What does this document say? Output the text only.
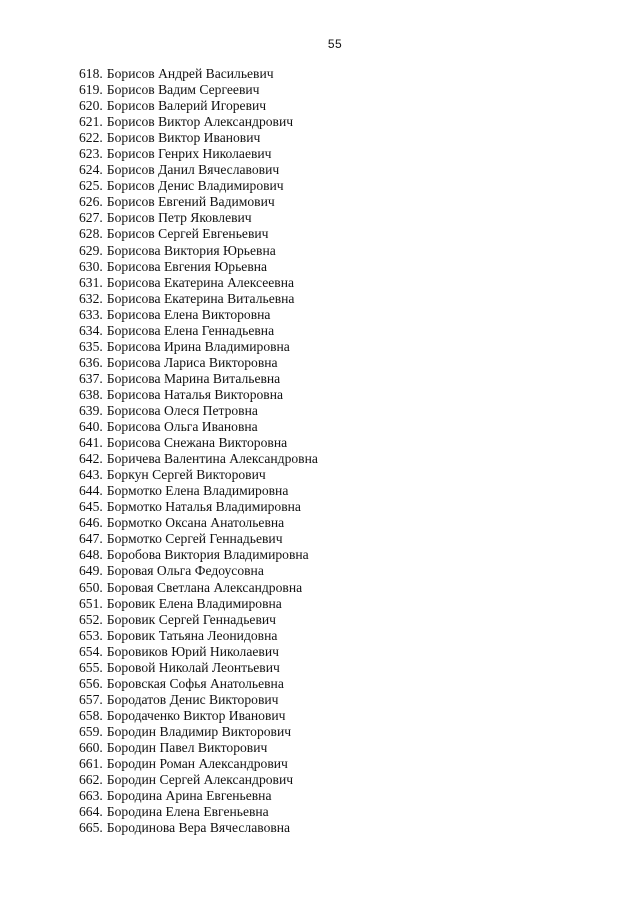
55
618. Борисов Андрей Васильевич
619. Борисов Вадим Сергеевич
620. Борисов Валерий Игоревич
621. Борисов Виктор Александрович
622. Борисов Виктор Иванович
623. Борисов Генрих Николаевич
624. Борисов Данил Вячеславович
625. Борисов Денис Владимирович
626. Борисов Евгений Вадимович
627. Борисов Петр Яковлевич
628. Борисов Сергей Евгеньевич
629. Борисова Виктория Юрьевна
630. Борисова Евгения Юрьевна
631. Борисова Екатерина Алексеевна
632. Борисова Екатерина Витальевна
633. Борисова Елена Викторовна
634. Борисова Елена Геннадьевна
635. Борисова Ирина Владимировна
636. Борисова Лариса Викторовна
637. Борисова Марина Витальевна
638. Борисова Наталья Викторовна
639. Борисова Олеся Петровна
640. Борисова Ольга Ивановна
641. Борисова Снежана Викторовна
642. Боричева Валентина Александровна
643. Боркун Сергей Викторович
644. Бормотко Елена Владимировна
645. Бормотко Наталья Владимировна
646. Бормотко Оксана Анатольевна
647. Бормотко Сергей Геннадьевич
648. Боробова Виктория Владимировна
649. Боровая Ольга Федоусовна
650. Боровая Светлана Александровна
651. Боровик Елена Владимировна
652. Боровик Сергей Геннадьевич
653. Боровик Татьяна Леонидовна
654. Боровиков Юрий Николаевич
655. Боровой Николай Леонтьевич
656. Боровская Софья Анатольевна
657. Бородатов Денис Викторович
658. Бородаченко Виктор Иванович
659. Бородин Владимир Викторович
660. Бородин Павел Викторович
661. Бородин Роман Александрович
662. Бородин Сергей Александрович
663. Бородина Арина Евгеньевна
664. Бородина Елена Евгеньевна
665. Бородинова Вера Вячеславовна
